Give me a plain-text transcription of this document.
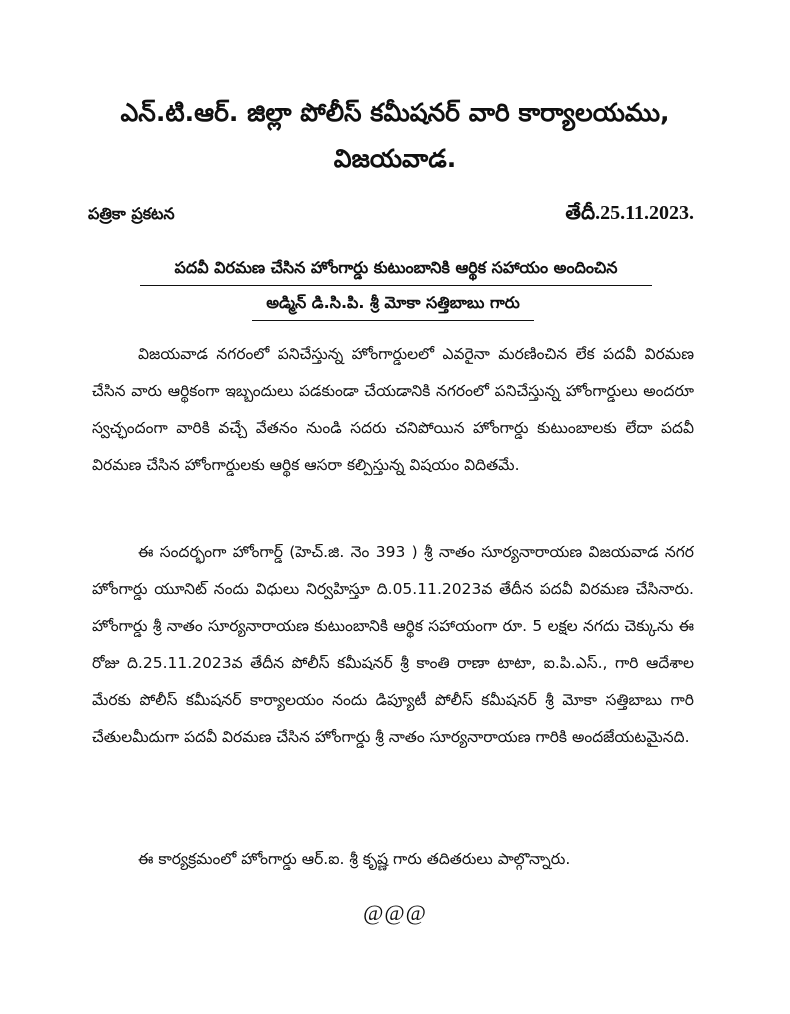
ఎన్.టి.ఆర్. జిల్లా పోలీస్ కమీషనర్ వారి కార్యాలయము,
విజయవాడ.
పత్రికా ప్రకటన	తేదీ.25.11.2023.
పదవీ విరమణ చేసిన హోంగార్డు కుటుంబానికి ఆర్థిక సహాయం అందించిన
అడ్మిన్ డి.సి.పి. శ్రీ మోకా సత్తిబాబు గారు
విజయవాడ నగరంలో పనిచేస్తున్న హోంగార్డులలో ఎవరైనా మరణించిన లేక పదవీ విరమణ చేసిన వారు ఆర్థికంగా ఇబ్బందులు పడకుండా చేయడానికి నగరంలో పనిచేస్తున్న హోంగార్డులు అందరూ స్వచ్ఛందంగా వారికి వచ్చే వేతనం నుండి సదరు చనిపోయిన హోంగార్డు కుటుంబాలకు లేదా పదవీ విరమణ చేసిన హోంగార్డులకు ఆర్థిక ఆసరా కల్పిస్తున్న విషయం విదితమే.
ఈ సందర్భంగా హోంగార్డ్ (హెచ్.జి. నెం 393 ) శ్రీ నాతం సూర్యనారాయణ విజయవాడ నగర హోంగార్డు యూనిట్ నందు విధులు నిర్వహిస్తూ ది.05.11.2023వ తేదీన పదవీ విరమణ చేసినారు. హోంగార్డు శ్రీ నాతం సూర్యనారాయణ కుటుంబానికి ఆర్థిక సహాయంగా రూ. 5 లక్షల నగదు చెక్కును ఈ రోజు ది.25.11.2023వ తేదీన పోలీస్ కమీషనర్ శ్రీ కాంతి రాణా టాటా, ఐ.పి.ఎస్., గారి ఆదేశాల మేరకు పోలీస్ కమీషనర్ కార్యాలయం నందు డిప్యూటీ పోలీస్ కమీషనర్ శ్రీ మోకా సత్తిబాబు గారి చేతులమీదుగా పదవీ విరమణ చేసిన హోంగార్డు శ్రీ నాతం సూర్యనారాయణ గారికి అందజేయటమైనది.
ఈ కార్యక్రమంలో హోంగార్డు ఆర్.ఐ. శ్రీ కృష్ణ గారు తదితరులు పాల్గొన్నారు.
@@@
